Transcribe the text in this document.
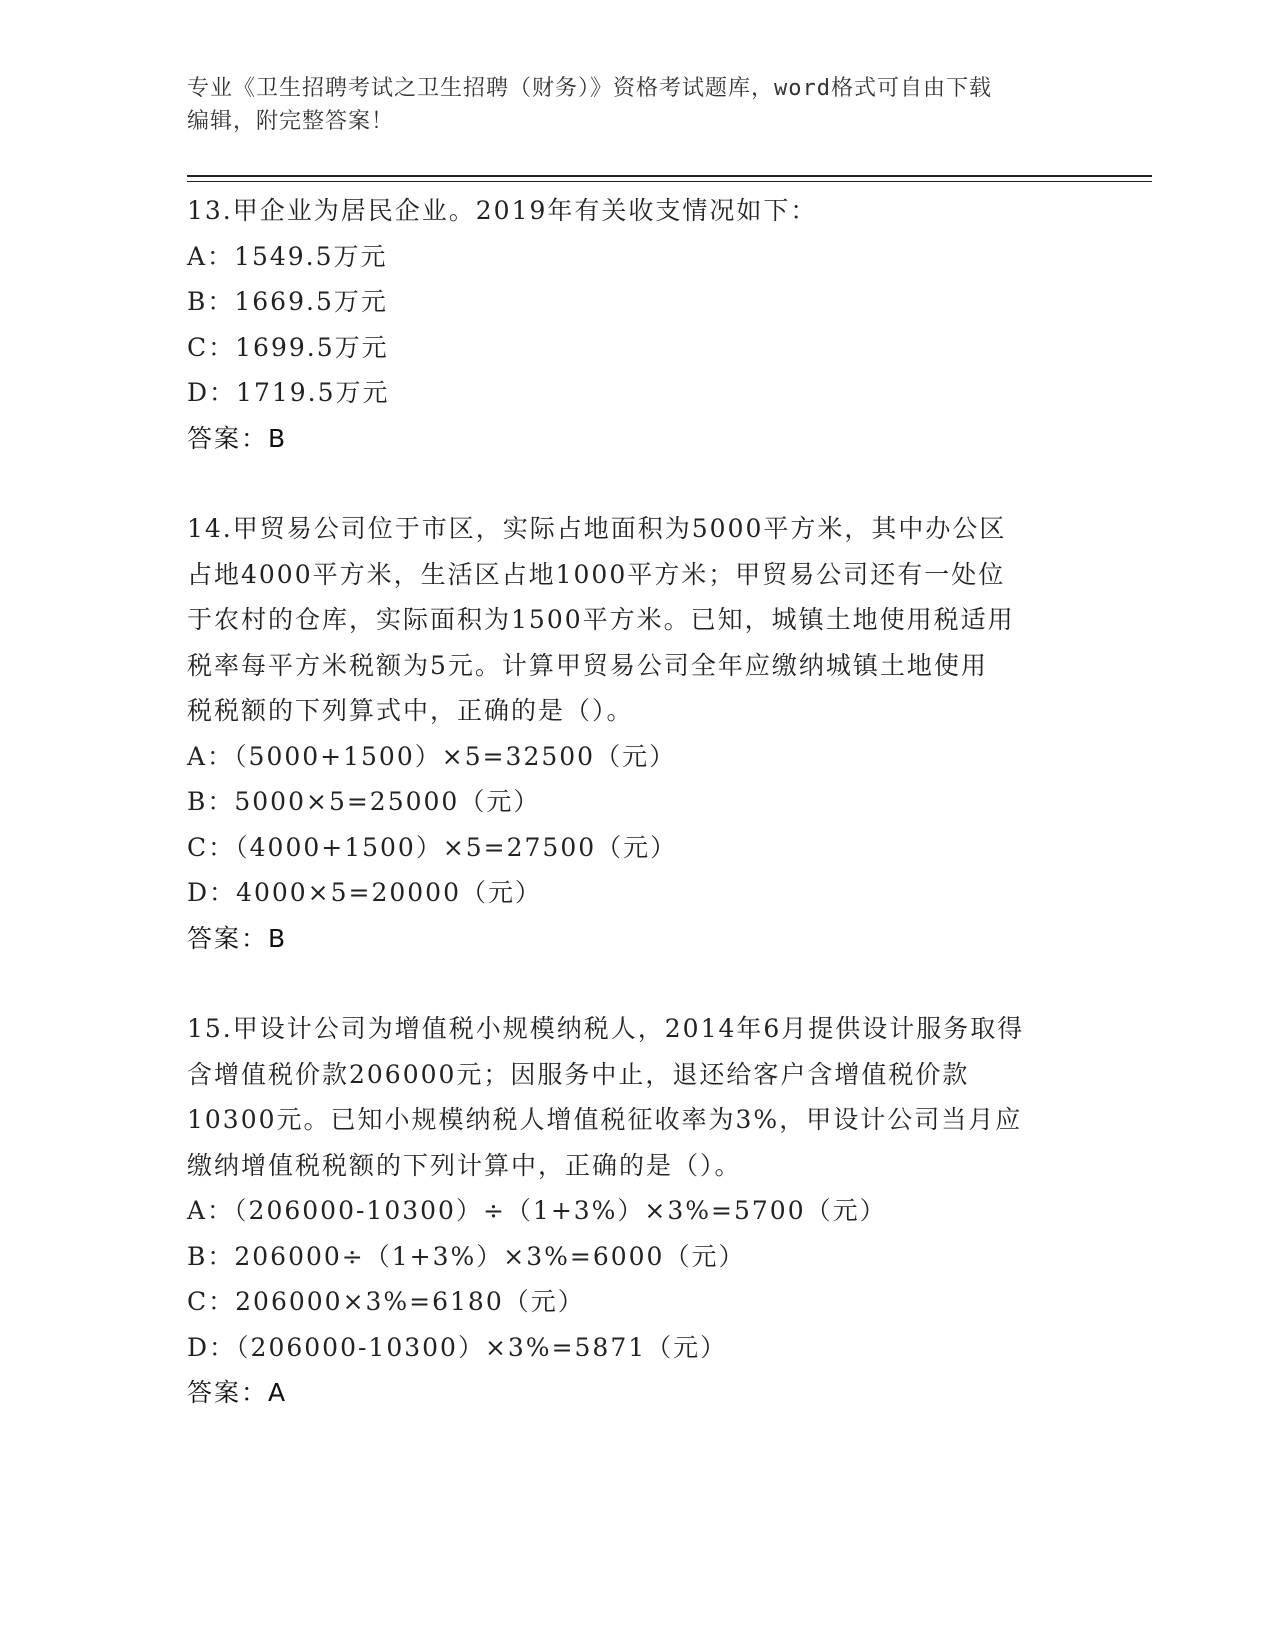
专业《卫生招聘考试之卫生招聘（财务）》资格考试题库，word格式可自由下载
编辑，附完整答案！
13.甲企业为居民企业。2019年有关收支情况如下：
A：1549.5万元
B：1669.5万元
C：1699.5万元
D：1719.5万元
答案：B
14.甲贸易公司位于市区，实际占地面积为5000平方米，其中办公区
占地4000平方米，生活区占地1000平方米；甲贸易公司还有一处位
于农村的仓库，实际面积为1500平方米。已知，城镇土地使用税适用
税率每平方米税额为5元。计算甲贸易公司全年应缴纳城镇土地使用
税税额的下列算式中，正确的是（）。
A：（5000+1500）×5=32500（元）
B：5000×5=25000（元）
C：（4000+1500）×5=27500（元）
D：4000×5=20000（元）
答案：B
15.甲设计公司为增值税小规模纳税人，2014年6月提供设计服务取得
含增值税价款206000元；因服务中止，退还给客户含增值税价款
10300元。已知小规模纳税人增值税征收率为3%，甲设计公司当月应
缴纳增值税税额的下列计算中，正确的是（）。
A：（206000-10300）÷（1+3%）×3%=5700（元）
B：206000÷（1+3%）×3%=6000（元）
C：206000×3%=6180（元）
D：（206000-10300）×3%=5871（元）
答案：A
